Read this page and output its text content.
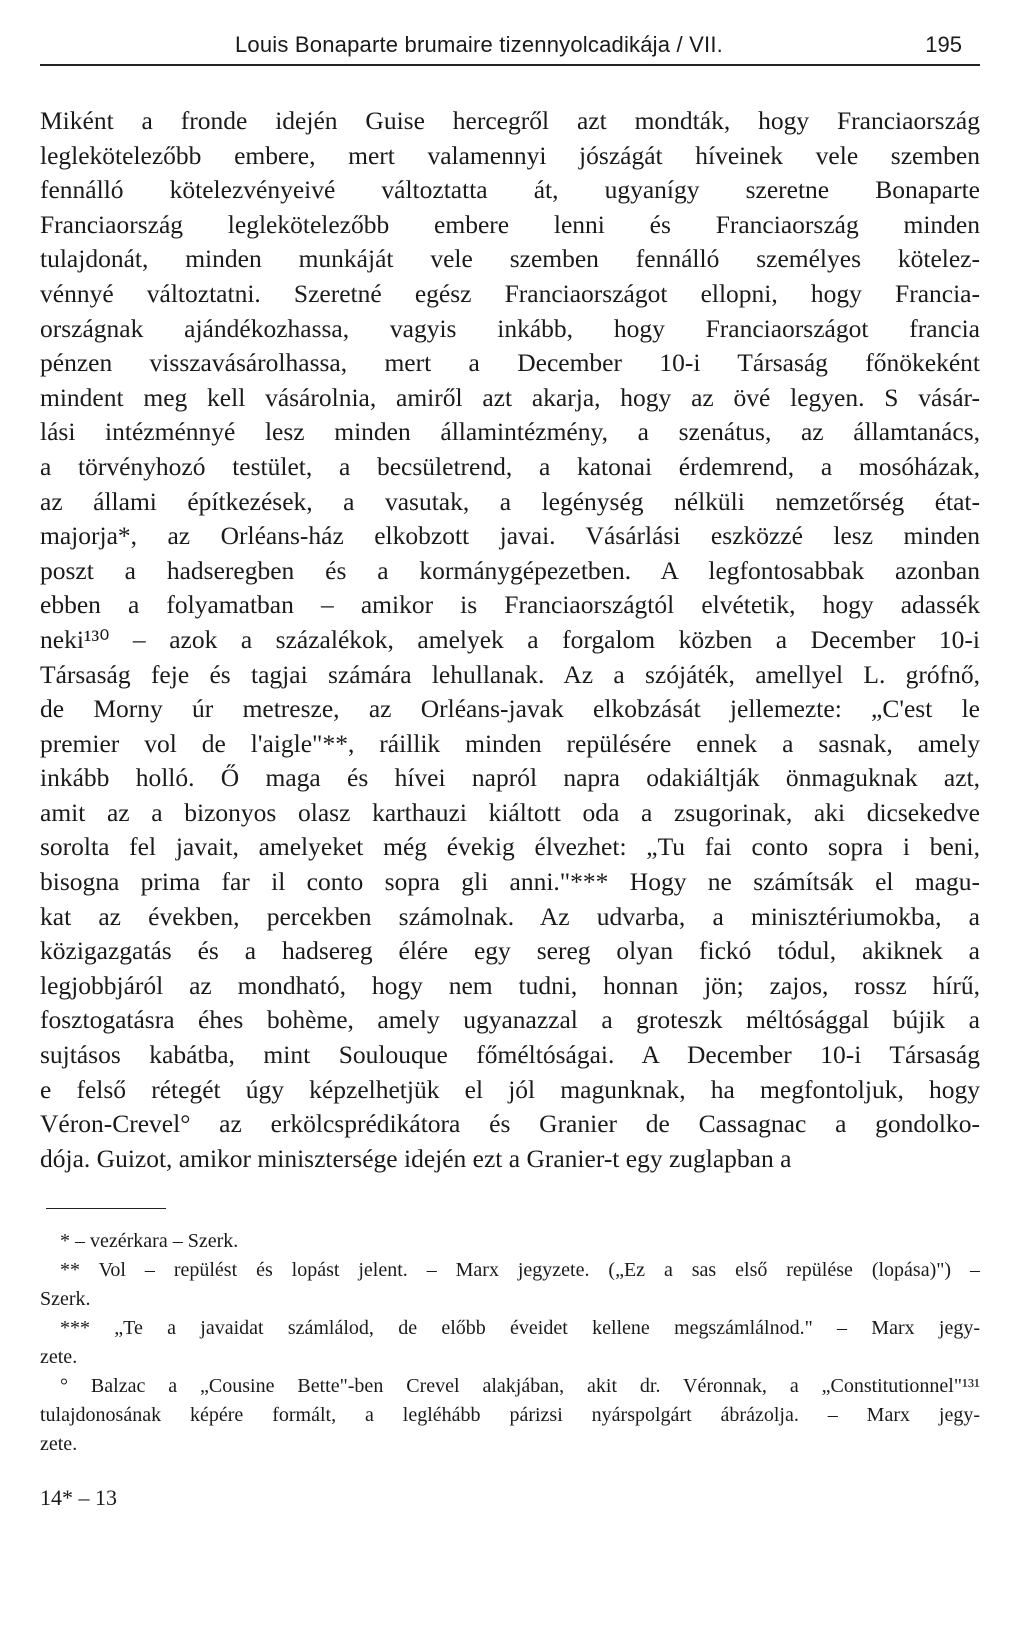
Louis Bonaparte brumaire tizennyolcadikája / VII.	195
Miként a fronde idején Guise hercegről azt mondták, hogy Franciaország
leglekötelezőbb embere, mert valamennyi jószágát híveinek vele szemben
fennálló kötelezvényeivé változtatta át, ugyanígy szeretne Bonaparte
Franciaország leglekötelezőbb embere lenni és Franciaország minden
tulajdonát, minden munkáját vele szemben fennálló személyes kötelez-
vénnyé változtatni. Szeretné egész Franciaországot ellopni, hogy Francia-
országnak ajándékozhassa, vagyis inkább, hogy Franciaországot francia
pénzen visszavásárolhassa, mert a December 10-i Társaság főnökeként
mindent meg kell vásárolnia, amiről azt akarja, hogy az övé legyen. S vásár-
lási intézménnyé lesz minden államintézmény, a szenátus, az államtanács,
a törvényhozó testület, a becsületrend, a katonai érdemrend, a mosóházak,
az állami építkezések, a vasutak, a legénység nélküli nemzetőrség état-
majorja*, az Orléans-ház elkobzott javai. Vásárlási eszközzé lesz minden
poszt a hadseregben és a kormánygépezetben. A legfontosabbak azonban
ebben a folyamatban – amikor is Franciaországtól elvétetik, hogy adassék
neki¹³⁰ – azok a százalékok, amelyek a forgalom közben a December 10-i
Társaság feje és tagjai számára lehullanak. Az a szójáték, amellyel L. grófnő,
de Morny úr metresze, az Orléans-javak elkobzását jellemezte: „C'est le
premier vol de l'aigle"**, ráillik minden repülésére ennek a sasnak, amely
inkább holló. Ő maga és hívei napról napra odakiáltják önmaguknak azt,
amit az a bizonyos olasz karthauzi kiáltott oda a zsugorinak, aki dicsekedve
sorolta fel javait, amelyeket még évekig élvezhet: „Tu fai conto sopra i beni,
bisogna prima far il conto sopra gli anni."*** Hogy ne számítsák el magu-
kat az években, percekben számolnak. Az udvarba, a minisztériumokba, a
közigazgatás és a hadsereg élére egy sereg olyan fickó tódul, akiknek a
legjobbjáról az mondható, hogy nem tudni, honnan jön; zajos, rossz hírű,
fosztogatásra éhes bohème, amely ugyanazzal a groteszk méltósággal bújik a
sujtásos kabátba, mint Soulouque főméltóságai. A December 10-i Társaság
e felső rétegét úgy képzelhetjük el jól magunknak, ha megfontoljuk, hogy
Véron-Crevel° az erkölcsprédikátora és Granier de Cassagnac a gondolko-
dója. Guizot, amikor minisztersége idején ezt a Granier-t egy zuglapban a
* – vezérkara – Szerk.
** Vol – repülést és lopást jelent. – Marx jegyzete. („Ez a sas első repülése (lopása)") –
Szerk.
*** „Te a javaidat számlálod, de előbb éveidet kellene megszámlálnod." – Marx jegy-
zete.
° Balzac a „Cousine Bette"-ben Crevel alakjában, akit dr. Véronnak, a „Constitutionnel"¹³¹
tulajdonosának képére formált, a legléhább párizsi nyárspolgárt ábrázolja. – Marx jegy-
zete.
14* – 13
